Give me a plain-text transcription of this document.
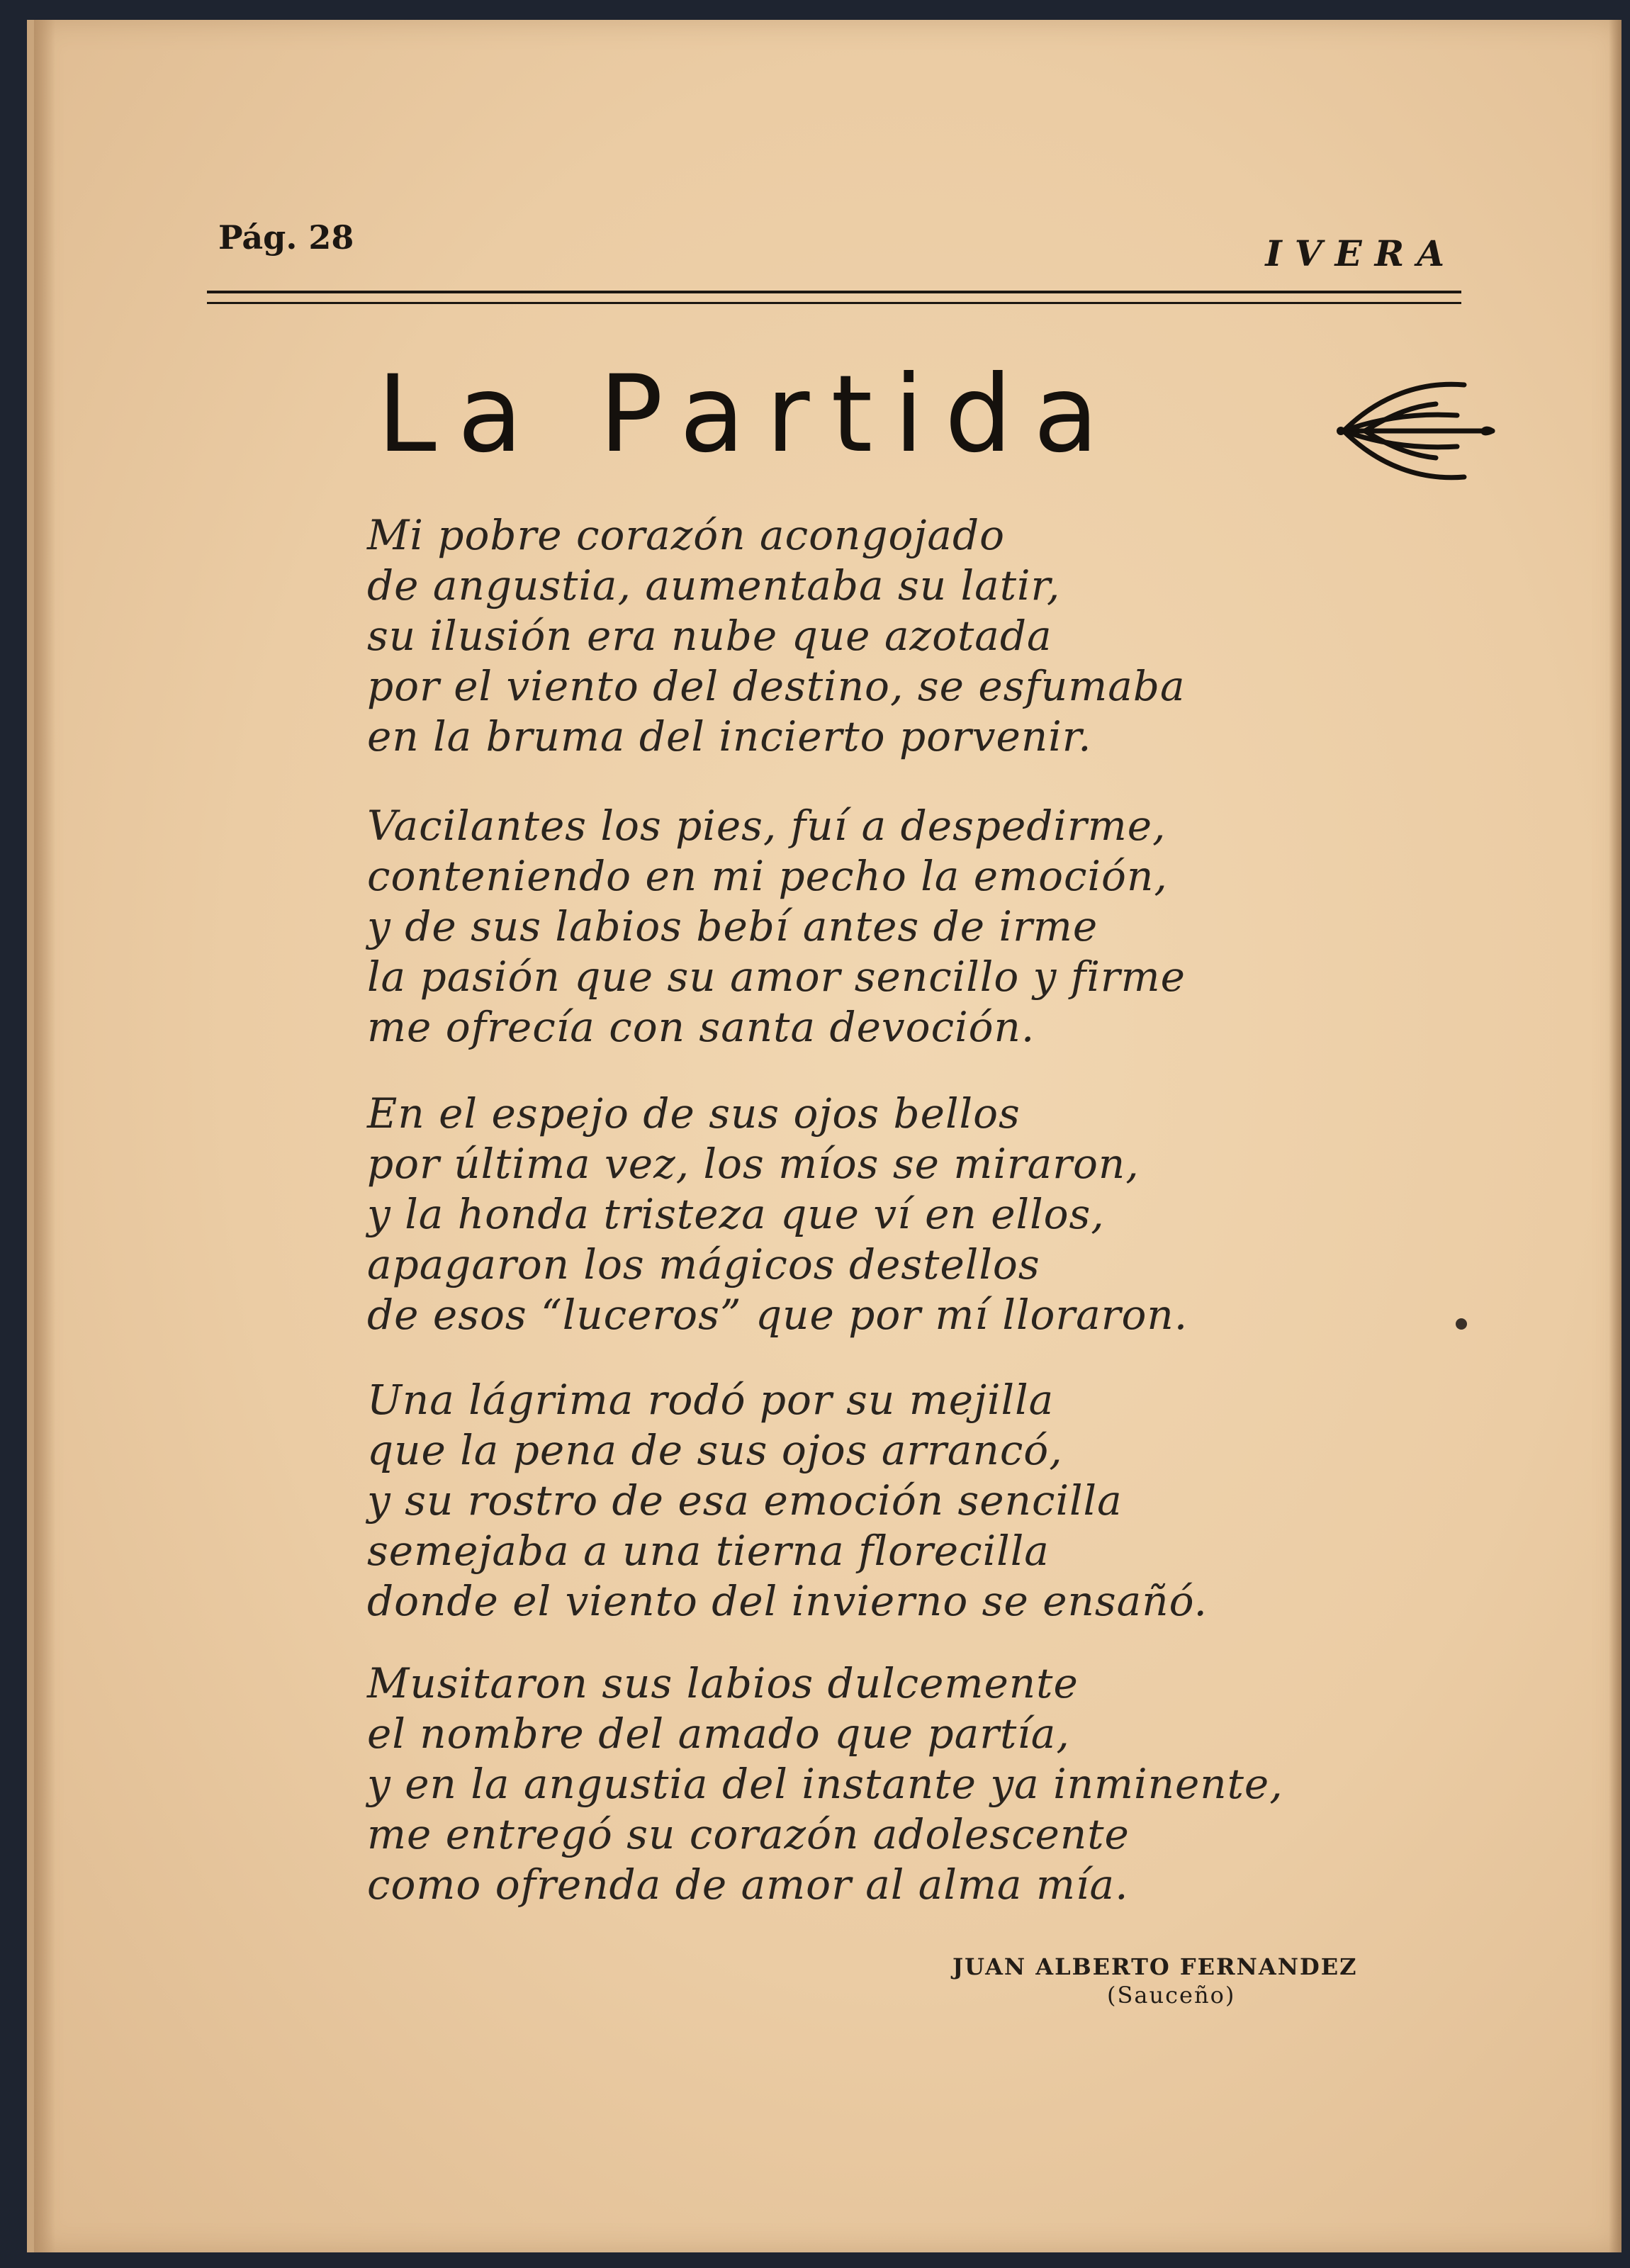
Pág. 28	IVERA
La Partida
Mi pobre corazón acongojado
de angustia, aumentaba su latir,
su ilusión era nube que azotada
por el viento del destino, se esfumaba
en la bruma del incierto porvenir.
Vacilantes los pies, fuí a despedirme,
conteniendo en mi pecho la emoción,
y de sus labios bebí antes de irme
la pasión que su amor sencillo y firme
me ofrecía con santa devoción.
En el espejo de sus ojos bellos
por última vez, los míos se miraron,
y la honda tristeza que ví en ellos,
apagaron los mágicos destellos
de esos “luceros” que por mí lloraron.
Una lágrima rodó por su mejilla
que la pena de sus ojos arrancó,
y su rostro de esa emoción sencilla
semejaba a una tierna florecilla
donde el viento del invierno se ensañó.
Musitaron sus labios dulcemente
el nombre del amado que partía,
y en la angustia del instante ya inminente,
me entregó su corazón adolescente
como ofrenda de amor al alma mía.
JUAN ALBERTO FERNANDEZ
(Sauceño)
